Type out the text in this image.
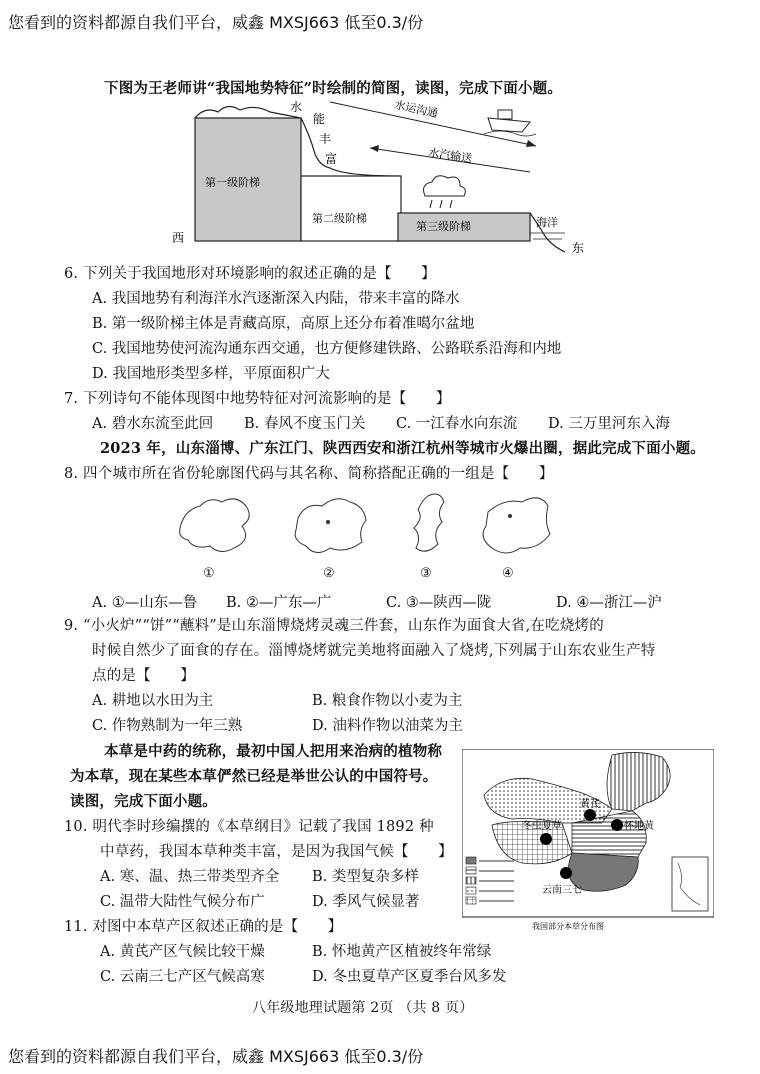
您看到的资料都源自我们平台，威鑫 MXSJ663 低至0.3/份
下图为王老师讲“我国地势特征”时绘制的简图，读图，完成下面小题。
水
能
丰
富
水运沟通
水汽输送
第一级阶梯
第二级阶梯
第三级阶梯	海洋
西
东
6. 下列关于我国地形对环境影响的叙述正确的是【　　】
A. 我国地势有利海洋水汽逐渐深入内陆，带来丰富的降水
B. 第一级阶梯主体是青藏高原，高原上还分布着准噶尔盆地
C. 我国地势使河流沟通东西交通，也方便修建铁路、公路联系沿海和内地
D. 我国地形类型多样，平原面积广大
7. 下列诗句不能体现图中地势特征对河流影响的是【　　】
A. 碧水东流至此回 B. 春风不度玉门关 C. 一江春水向东流 D. 三万里河东入海
2023 年，山东淄博、广东江门、陕西西安和浙江杭州等城市火爆出圈，据此完成下面小题。
8. 四个城市所在省份轮廓图代码与其名称、简称搭配正确的一组是【　　】
①	②	③	④
A. ①—山东—鲁 B. ②—广东—广	C. ③—陕西—陇	D. ④—浙江—沪
9. “小火炉”“饼”“蘸料”是山东淄博烧烤灵魂三件套，山东作为面食大省,在吃烧烤的
时候自然少了面食的存在。淄博烧烤就完美地将面融入了烧烤,下列属于山东农业生产特
点的是【　　】
A. 耕地以水田为主	B. 粮食作物以小麦为主
C. 作物熟制为一年三熟	D. 油料作物以油菜为主
本草是中药的统称，最初中国人把用来治病的植物称
为本草，现在某些本草俨然已经是举世公认的中国符号。
读图，完成下面小题。
10. 明代李时珍编撰的《本草纲目》记载了我国 1892 种
中草药，我国本草种类丰富，是因为我国气候【　　】
A. 寒、温、热三带类型齐全 B. 类型复杂多样
C. 温带大陆性气候分布广	D. 季风气候显著
11. 对图中本草产区叙述正确的是【　　】
A. 黄芪产区气候比较干燥	B. 怀地黄产区植被终年常绿
C. 云南三七产区气候高寒	D. 冬虫夏草产区夏季台风多发
黄芪
冬虫夏草	怀地黄
云南三七
我国部分本草分布图
八年级地理试题第 2页 （共 8 页）
您看到的资料都源自我们平台，威鑫 MXSJ663 低至0.3/份
